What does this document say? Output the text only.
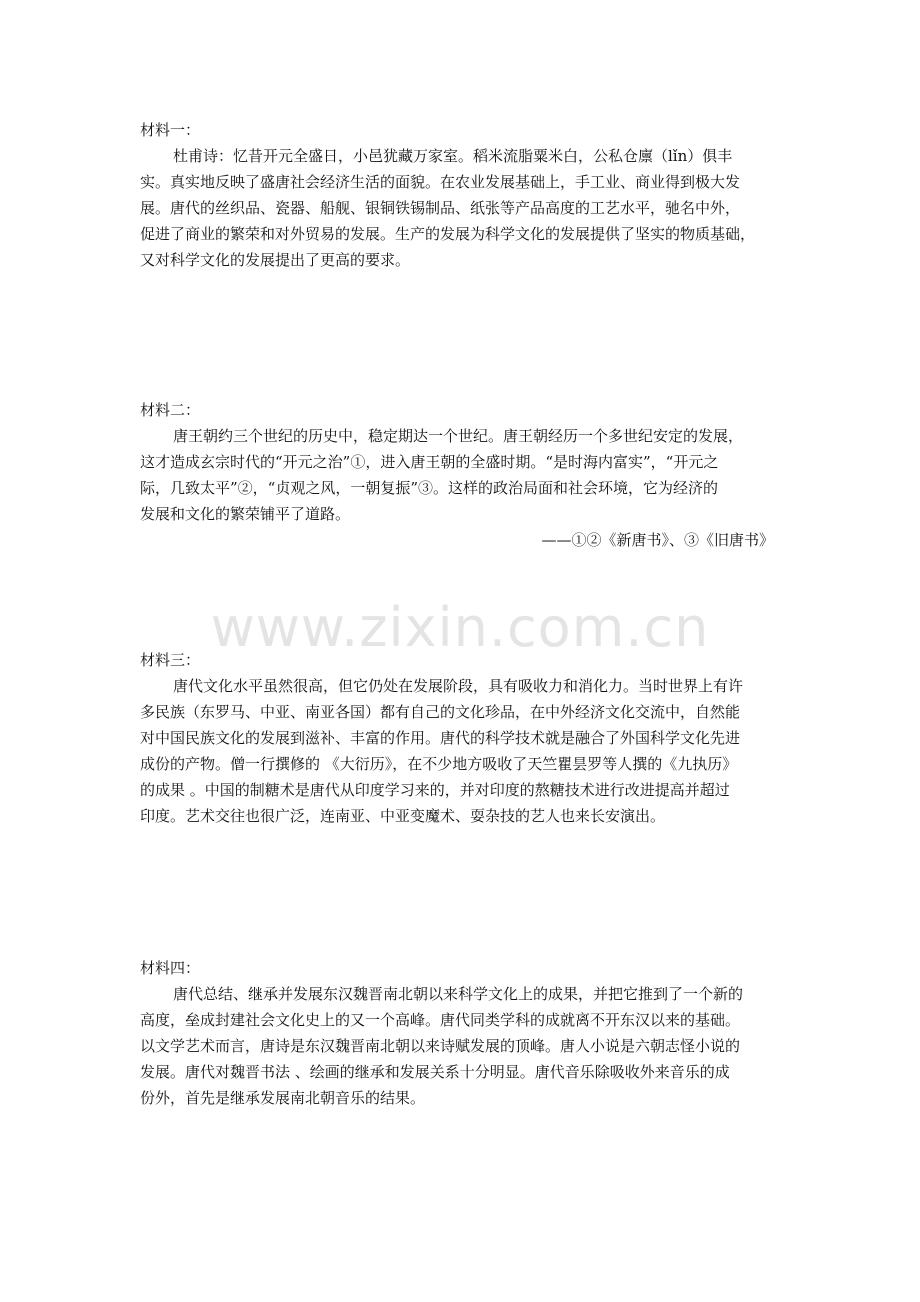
www.zixin.com.cn
材料一：
杜甫诗：忆昔开元全盛日，小邑犹藏万家室。稻米流脂粟米白，公私仓廪（lǐn）俱丰
实。真实地反映了盛唐社会经济生活的面貌。在农业发展基础上，手工业、商业得到极大发
展。唐代的丝织品、瓷器、船舰、银铜铁锡制品、纸张等产品高度的工艺水平，驰名中外，
促进了商业的繁荣和对外贸易的发展。生产的发展为科学文化的发展提供了坚实的物质基础，
又对科学文化的发展提出了更高的要求。
材料二：
唐王朝约三个世纪的历史中，稳定期达一个世纪。唐王朝经历一个多世纪安定的发展，
这才造成玄宗时代的“开元之治”①，进入唐王朝的全盛时期。“是时海内富实”，“开元之
际，几致太平”②，“贞观之风，一朝复振”③。这样的政治局面和社会环境，它为经济的
发展和文化的繁荣铺平了道路。
——①②《新唐书》、③《旧唐书》
材料三：
唐代文化水平虽然很高，但它仍处在发展阶段，具有吸收力和消化力。当时世界上有许
多民族（东罗马、中亚、南亚各国）都有自己的文化珍品，在中外经济文化交流中，自然能
对中国民族文化的发展到滋补、丰富的作用。唐代的科学技术就是融合了外国科学文化先进
成份的产物。僧一行撰修的 《大衍历》，在不少地方吸收了天竺瞿昙罗等人撰的《九执历》
的成果 。中国的制糖术是唐代从印度学习来的，并对印度的熬糖技术进行改进提高并超过
印度。艺术交往也很广泛，连南亚、中亚变魔术、耍杂技的艺人也来长安演出。
材料四：
唐代总结、继承并发展东汉魏晋南北朝以来科学文化上的成果，并把它推到了一个新的
高度，垒成封建社会文化史上的又一个高峰。唐代同类学科的成就离不开东汉以来的基础。
以文学艺术而言，唐诗是东汉魏晋南北朝以来诗赋发展的顶峰。唐人小说是六朝志怪小说的
发展。唐代对魏晋书法 、绘画的继承和发展关系十分明显。唐代音乐除吸收外来音乐的成
份外，首先是继承发展南北朝音乐的结果。
